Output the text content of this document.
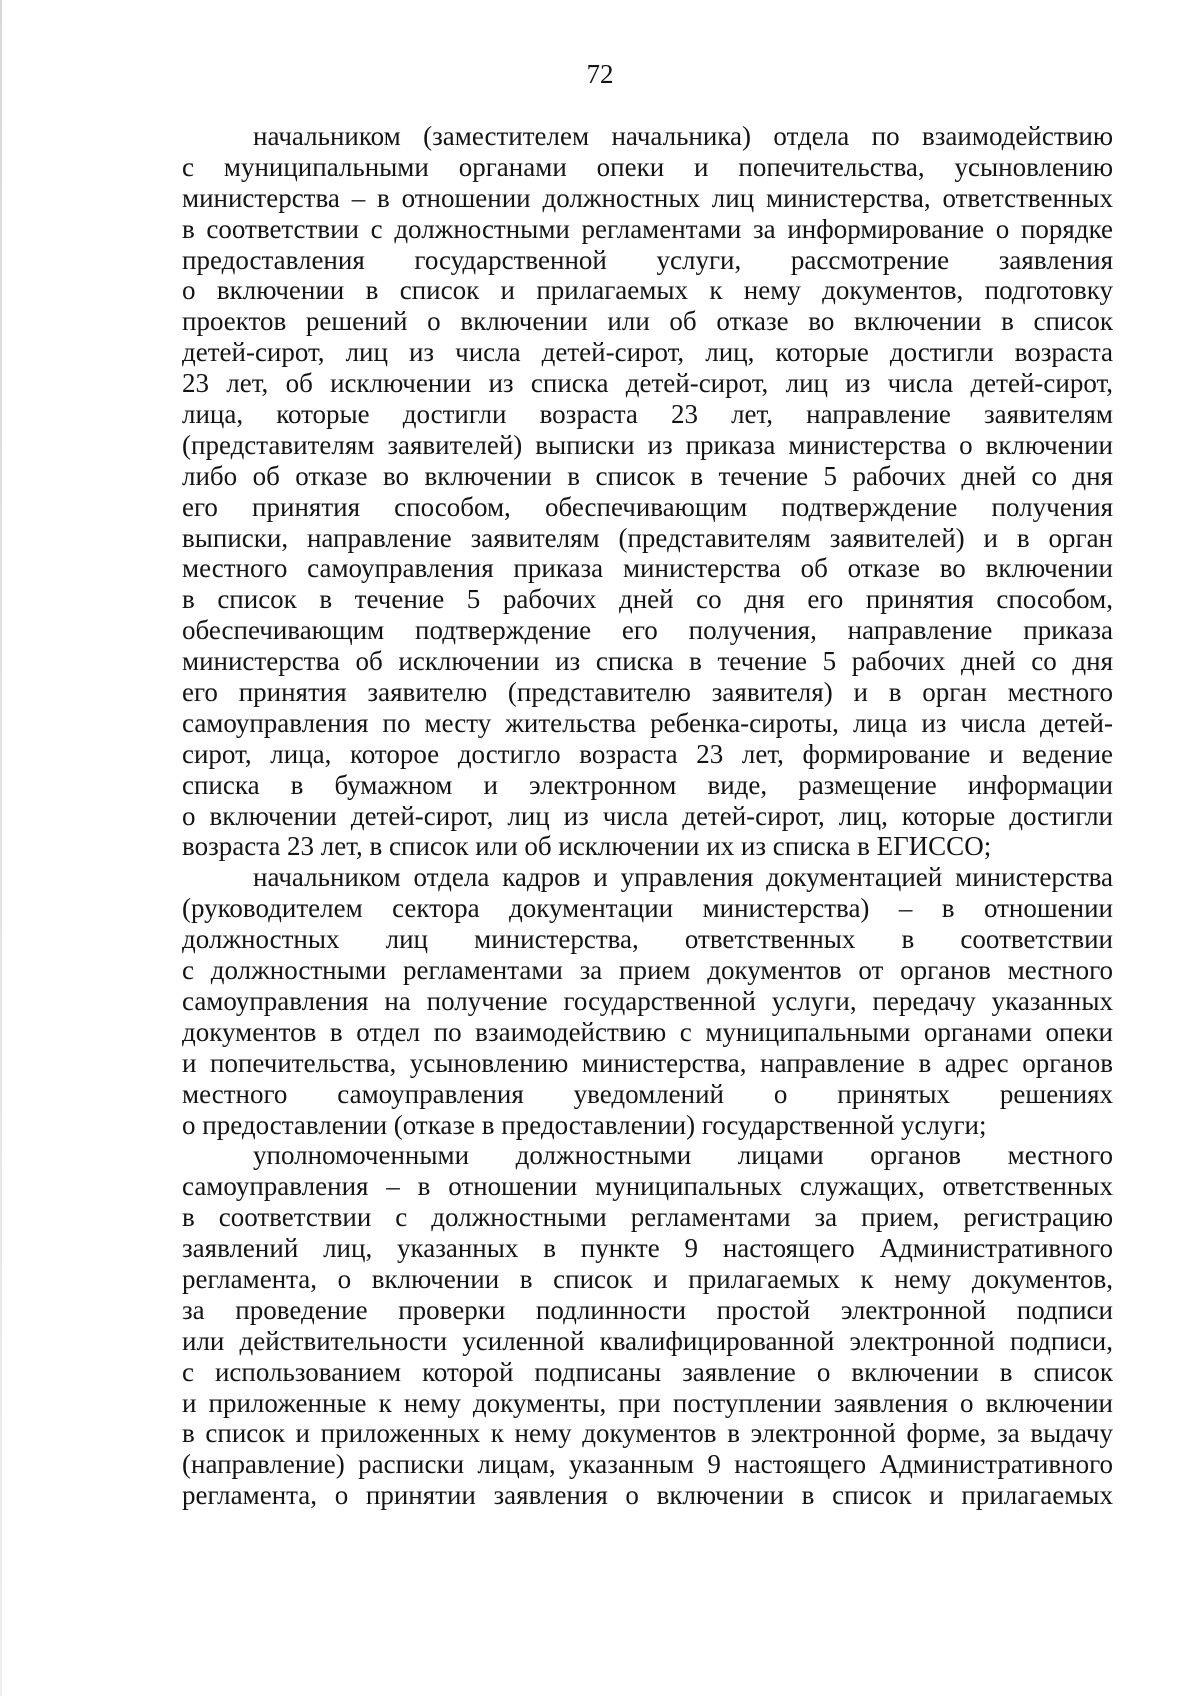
72
начальником (заместителем начальника) отдела по взаимодействию
с муниципальными органами опеки и попечительства, усыновлению
министерства – в отношении должностных лиц министерства, ответственных
в соответствии с должностными регламентами за информирование о порядке
предоставления государственной услуги, рассмотрение заявления
о включении в список и прилагаемых к нему документов, подготовку
проектов решений о включении или об отказе во включении в список
детей-сирот, лиц из числа детей-сирот, лиц, которые достигли возраста
23 лет, об исключении из списка детей-сирот, лиц из числа детей-сирот,
лица, которые достигли возраста 23 лет, направление заявителям
(представителям заявителей) выписки из приказа министерства о включении
либо об отказе во включении в список в течение 5 рабочих дней со дня
его принятия способом, обеспечивающим подтверждение получения
выписки, направление заявителям (представителям заявителей) и в орган
местного самоуправления приказа министерства об отказе во включении
в список в течение 5 рабочих дней со дня его принятия способом,
обеспечивающим подтверждение его получения, направление приказа
министерства об исключении из списка в течение 5 рабочих дней со дня
его принятия заявителю (представителю заявителя) и в орган местного
самоуправления по месту жительства ребенка-сироты, лица из числа детей-
сирот, лица, которое достигло возраста 23 лет, формирование и ведение
списка в бумажном и электронном виде, размещение информации
о включении детей-сирот, лиц из числа детей-сирот, лиц, которые достигли
возраста 23 лет, в список или об исключении их из списка в ЕГИССО;
начальником отдела кадров и управления документацией министерства
(руководителем сектора документации министерства) – в отношении
должностных лиц министерства, ответственных в соответствии
с должностными регламентами за прием документов от органов местного
самоуправления на получение государственной услуги, передачу указанных
документов в отдел по взаимодействию с муниципальными органами опеки
и попечительства, усыновлению министерства, направление в адрес органов
местного самоуправления уведомлений о принятых решениях
о предоставлении (отказе в предоставлении) государственной услуги;
уполномоченными должностными лицами органов местного
самоуправления – в отношении муниципальных служащих, ответственных
в соответствии с должностными регламентами за прием, регистрацию
заявлений лиц, указанных в пункте 9 настоящего Административного
регламента, о включении в список и прилагаемых к нему документов,
за проведение проверки подлинности простой электронной подписи
или действительности усиленной квалифицированной электронной подписи,
с использованием которой подписаны заявление о включении в список
и приложенные к нему документы, при поступлении заявления о включении
в список и приложенных к нему документов в электронной форме, за выдачу
(направление) расписки лицам, указанным 9 настоящего Административного
регламента, о принятии заявления о включении в список и прилагаемых
